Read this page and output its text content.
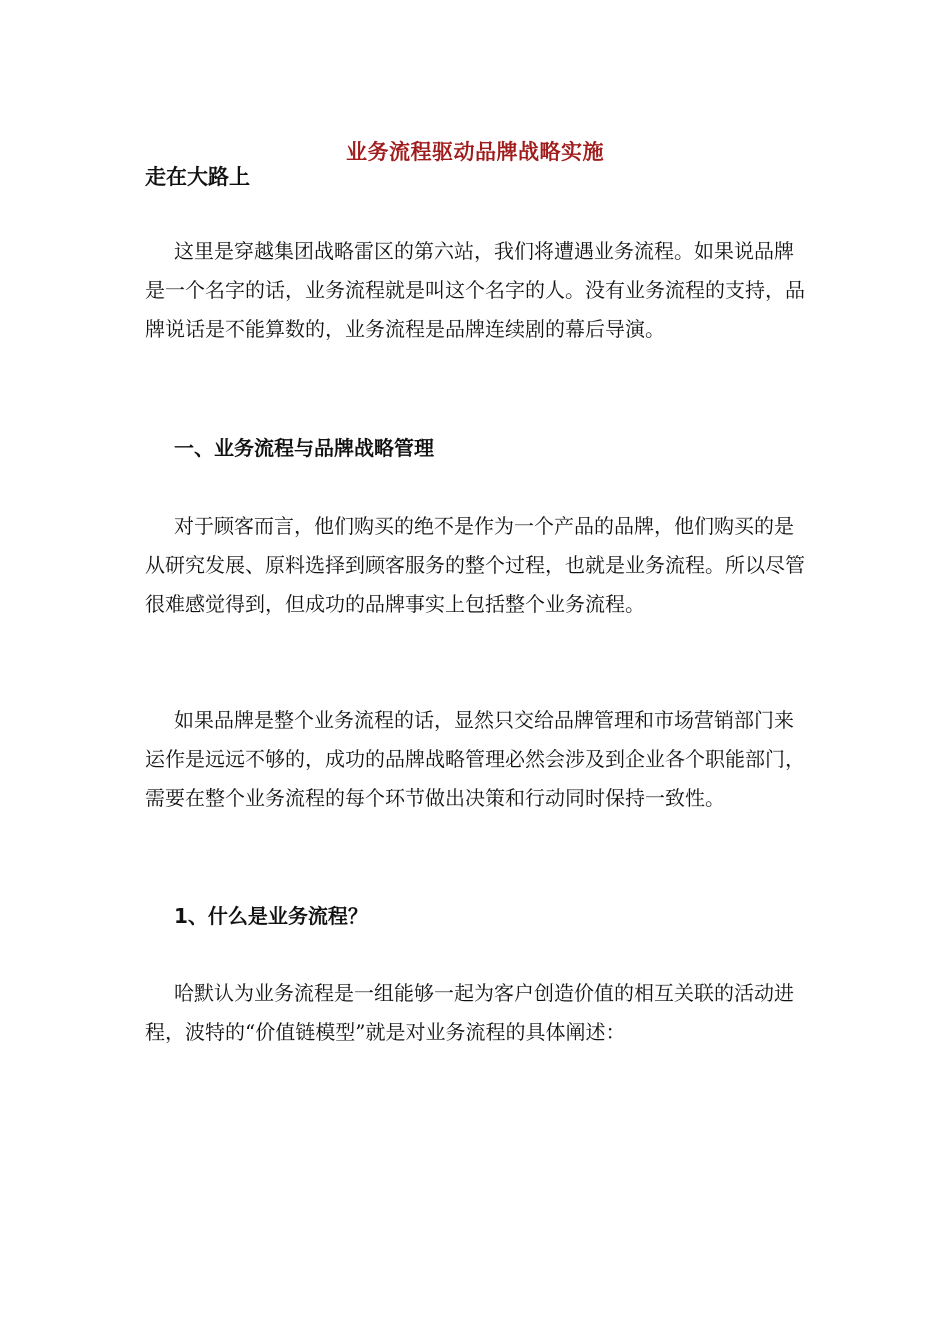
业务流程驱动品牌战略实施
走在大路上

这里是穿越集团战略雷区的第六站，我们将遭遇业务流程。如果说品牌是一个名字的话，业务流程就是叫这个名字的人。没有业务流程的支持，品牌说话是不能算数的，业务流程是品牌连续剧的幕后导演。

一、业务流程与品牌战略管理

对于顾客而言，他们购买的绝不是作为一个产品的品牌，他们购买的是从研究发展、原料选择到顾客服务的整个过程，也就是业务流程。所以尽管很难感觉得到，但成功的品牌事实上包括整个业务流程。

如果品牌是整个业务流程的话，显然只交给品牌管理和市场营销部门来运作是远远不够的，成功的品牌战略管理必然会涉及到企业各个职能部门，需要在整个业务流程的每个环节做出决策和行动同时保持一致性。

1、什么是业务流程？

哈默认为业务流程是一组能够一起为客户创造价值的相互关联的活动进程，波特的“价值链模型”就是对业务流程的具体阐述：
